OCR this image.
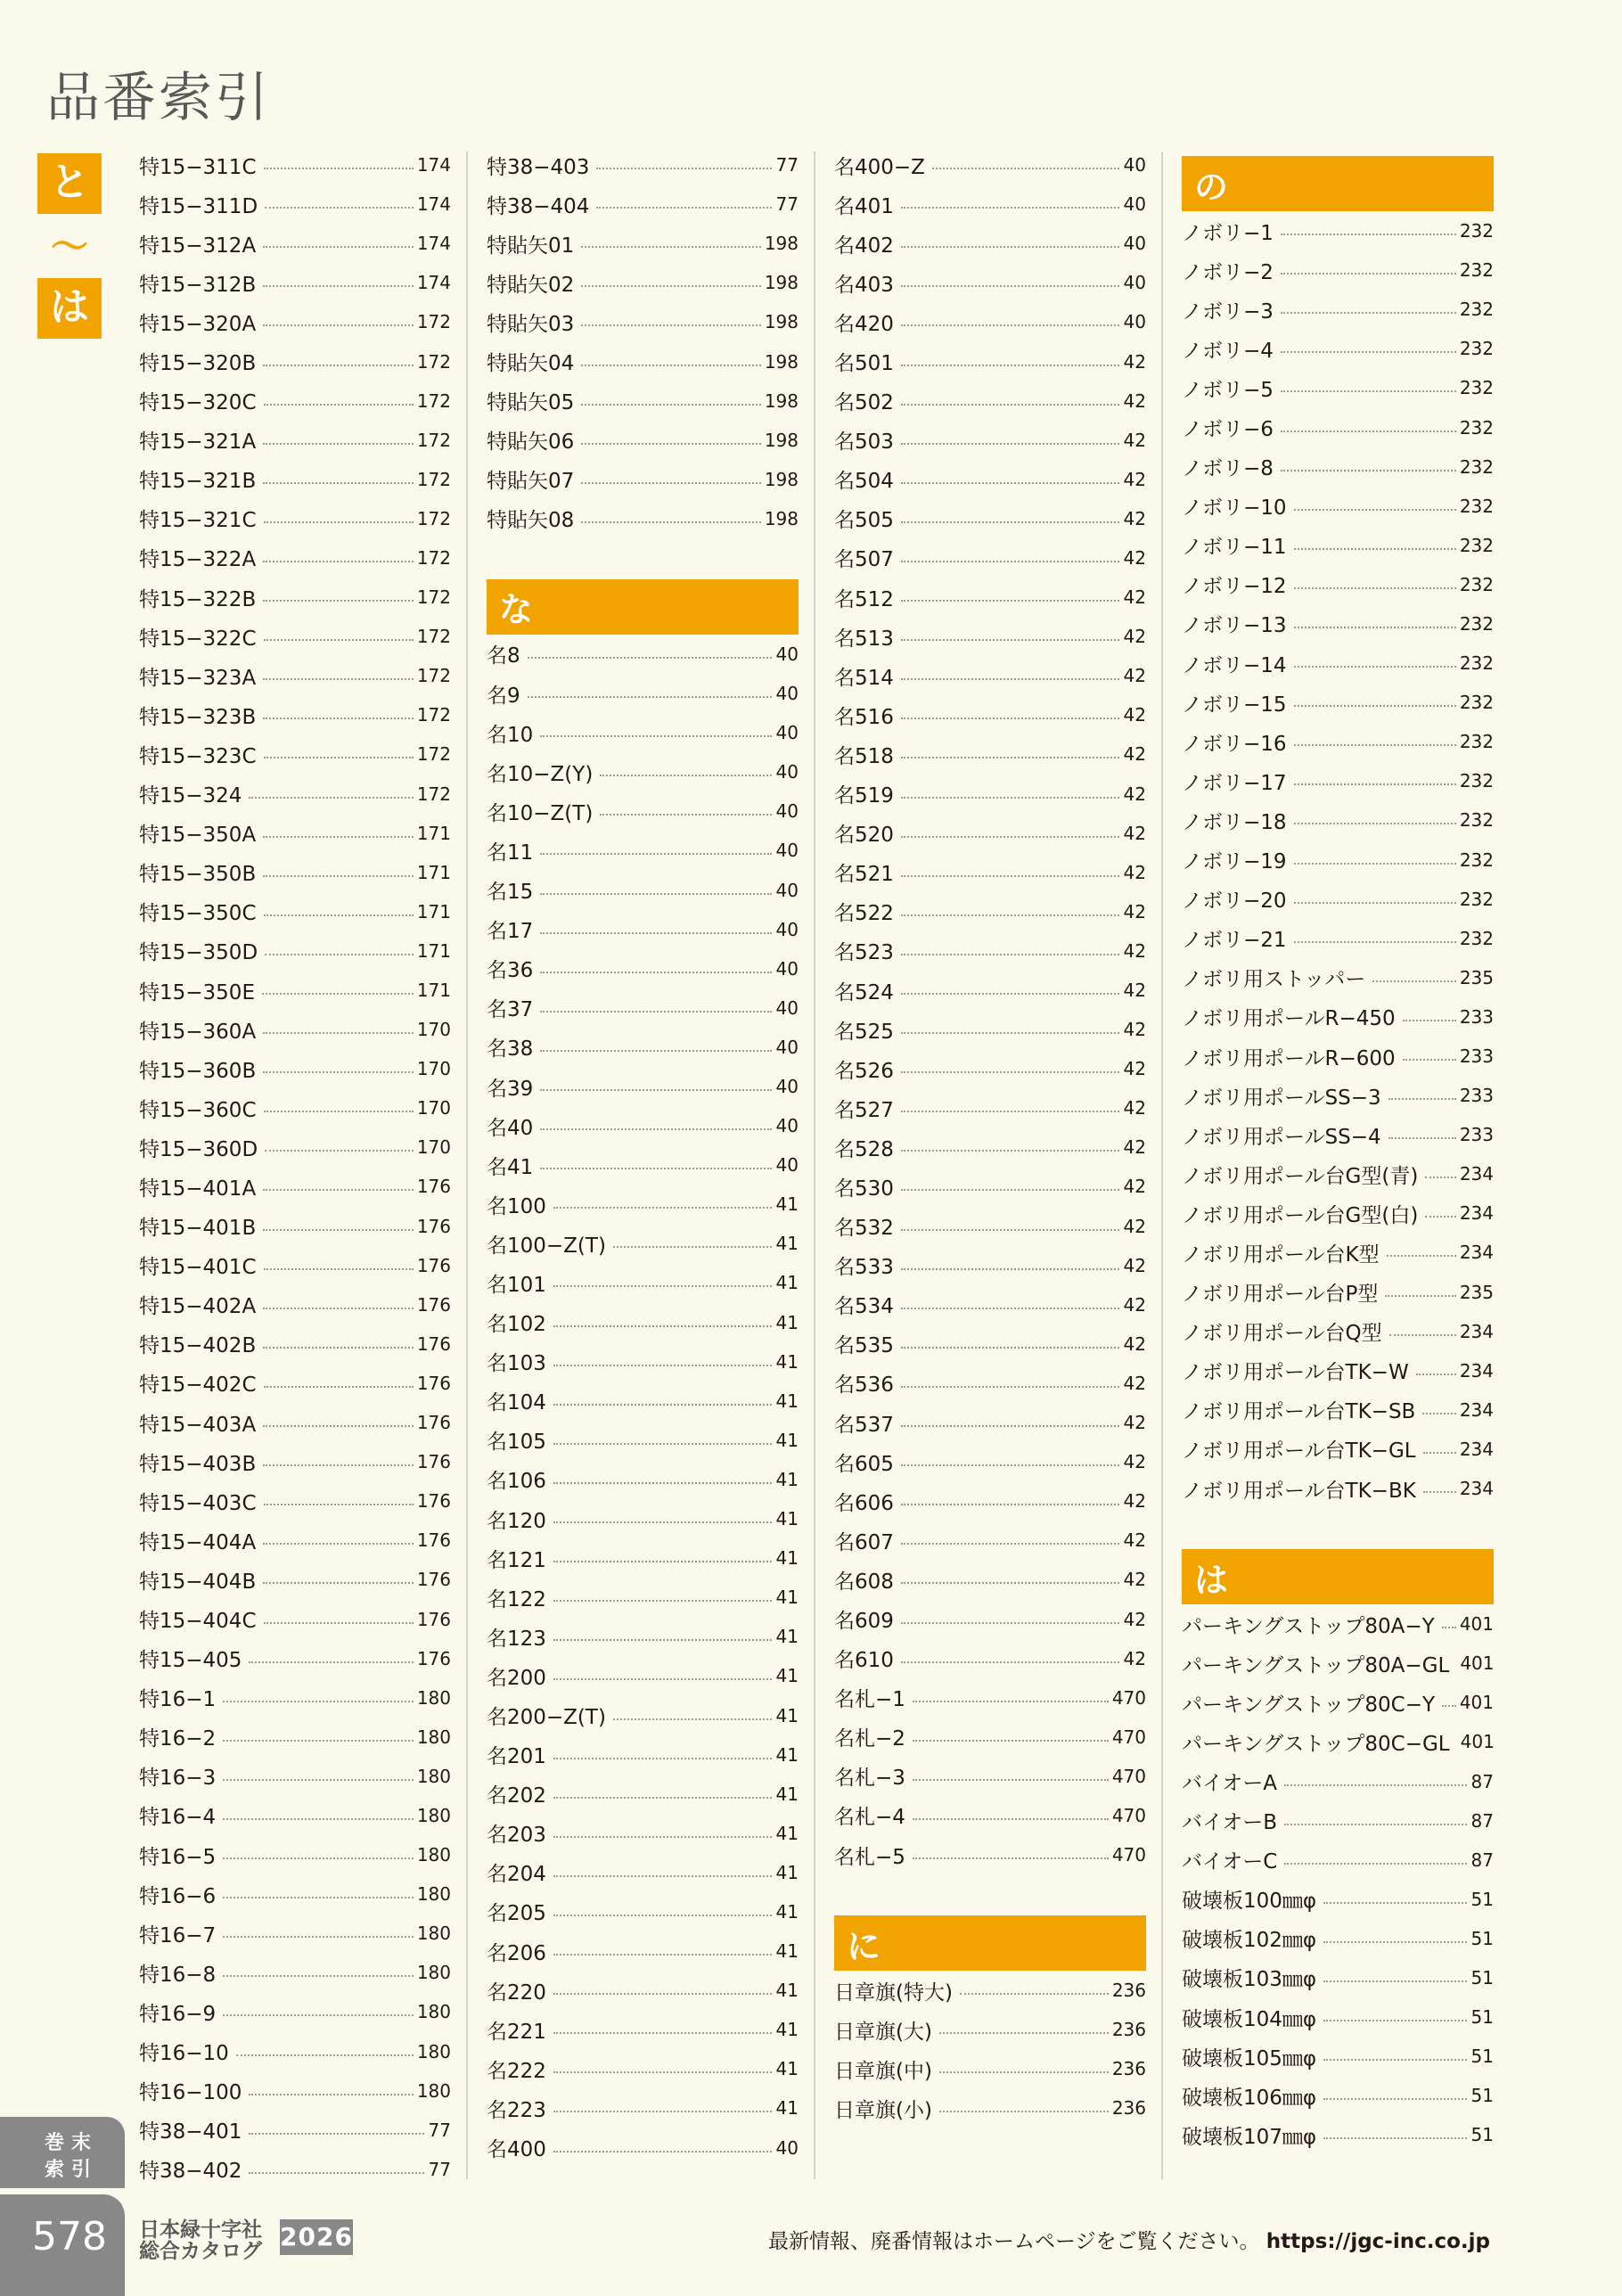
品番索引
と
〜
は
特15−311C	174
特15−311D	174
特15−312A	174
特15−312B	174
特15−320A	172
特15−320B	172
特15−320C	172
特15−321A	172
特15−321B	172
特15−321C	172
特15−322A	172
特15−322B	172
特15−322C	172
特15−323A	172
特15−323B	172
特15−323C	172
特15−324	172
特15−350A	171
特15−350B	171
特15−350C	171
特15−350D	171
特15−350E	171
特15−360A	170
特15−360B	170
特15−360C	170
特15−360D	170
特15−401A	176
特15−401B	176
特15−401C	176
特15−402A	176
特15−402B	176
特15−402C	176
特15−403A	176
特15−403B	176
特15−403C	176
特15−404A	176
特15−404B	176
特15−404C	176
特15−405	176
特16−1	180
特16−2	180
特16−3	180
特16−4	180
特16−5	180
特16−6	180
特16−7	180
特16−8	180
特16−9	180
特16−10	180
特16−100	180
特38−401	77
特38−402	77
特38−403	77
特38−404	77
特貼矢01	198
特貼矢02	198
特貼矢03	198
特貼矢04	198
特貼矢05	198
特貼矢06	198
特貼矢07	198
特貼矢08	198
な
名8	40
名9	40
名10	40
名10−Z(Y)	40
名10−Z(T)	40
名11	40
名15	40
名17	40
名36	40
名37	40
名38	40
名39	40
名40	40
名41	40
名100	41
名100−Z(T)	41
名101	41
名102	41
名103	41
名104	41
名105	41
名106	41
名120	41
名121	41
名122	41
名123	41
名200	41
名200−Z(T)	41
名201	41
名202	41
名203	41
名204	41
名205	41
名206	41
名220	41
名221	41
名222	41
名223	41
名400	40
名400−Z	40
名401	40
名402	40
名403	40
名420	40
名501	42
名502	42
名503	42
名504	42
名505	42
名507	42
名512	42
名513	42
名514	42
名516	42
名518	42
名519	42
名520	42
名521	42
名522	42
名523	42
名524	42
名525	42
名526	42
名527	42
名528	42
名530	42
名532	42
名533	42
名534	42
名535	42
名536	42
名537	42
名605	42
名606	42
名607	42
名608	42
名609	42
名610	42
名札−1	470
名札−2	470
名札−3	470
名札−4	470
名札−5	470
に
日章旗(特大)	236
日章旗(大)	236
日章旗(中)	236
日章旗(小)	236
の
ノボリ−1	232
ノボリ−2	232
ノボリ−3	232
ノボリ−4	232
ノボリ−5	232
ノボリ−6	232
ノボリ−8	232
ノボリ−10	232
ノボリ−11	232
ノボリ−12	232
ノボリ−13	232
ノボリ−14	232
ノボリ−15	232
ノボリ−16	232
ノボリ−17	232
ノボリ−18	232
ノボリ−19	232
ノボリ−20	232
ノボリ−21	232
ノボリ用ストッパー	235
ノボリ用ポールR−450	233
ノボリ用ポールR−600	233
ノボリ用ポールSS−3	233
ノボリ用ポールSS−4	233
ノボリ用ポール台G型(青) 234
ノボリ用ポール台G型(白) 234
ノボリ用ポール台K型	234
ノボリ用ポール台P型	235
ノボリ用ポール台Q型	234
ノボリ用ポール台TK−W	234
ノボリ用ポール台TK−SB 234
ノボリ用ポール台TK−GL 234
ノボリ用ポール台TK−BK 234
は
パーキングストップ80A−Y 401
パーキングストップ80A−GL 401
パーキングストップ80C−Y 401
パーキングストップ80C−GL 401
バイオーA	87
バイオーB	87
バイオーC	87
破壊板100㎜φ	51
破壊板102㎜φ	51
破壊板103㎜φ	51
破壊板104㎜φ	51
破壊板105㎜φ	51
破壊板106㎜φ	51
破壊板107㎜φ	51
巻末
索引
578 日本緑十字社
総合カタログ 2026	最新情報、廃番情報はホームページをご覧ください。 https://jgc-inc.co.jp
